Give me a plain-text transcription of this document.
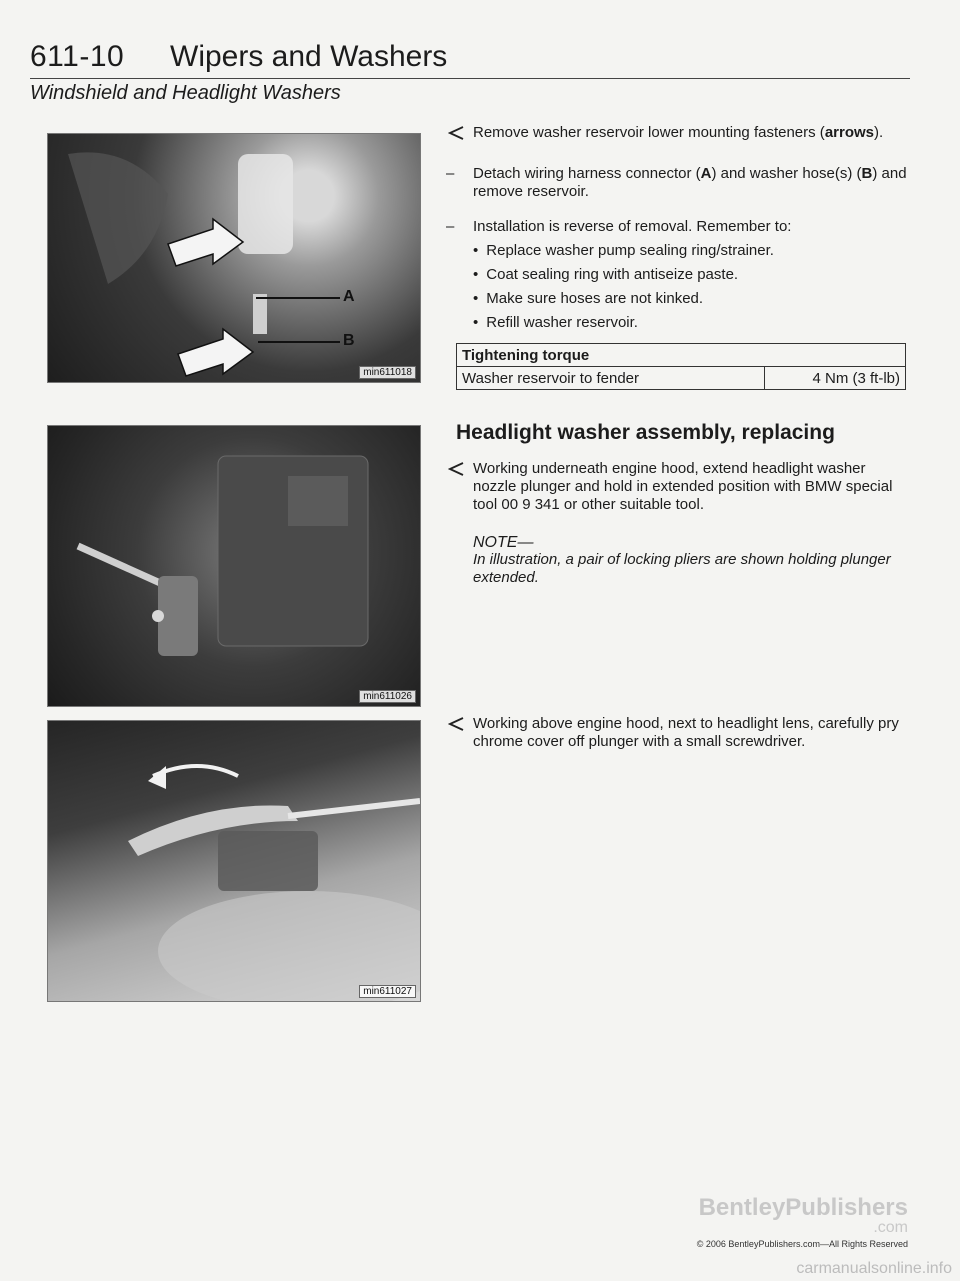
611-10 Wipers and Washers
Windshield and Headlight Washers
A
B
min611018
min611026
min611027
Remove washer reservoir lower mounting fasteners (arrows).
– Detach wiring harness connector (A) and washer hose(s) (B) and remove reservoir.
– Installation is reverse of removal. Remember to:
• Replace washer pump sealing ring/strainer.
• Coat sealing ring with antiseize paste.
• Make sure hoses are not kinked.
• Refill washer reservoir.
Tightening torque
Washer reservoir to fender	4 Nm (3 ft-lb)
Headlight washer assembly, replacing
Working underneath engine hood, extend headlight washer nozzle plunger and hold in extended position with BMW special tool 00 9 341 or other suitable tool.
NOTE—
In illustration, a pair of locking pliers are shown holding plunger extended.
Working above engine hood, next to headlight lens, carefully pry chrome cover off plunger with a small screwdriver.
BentleyPublishers
.com
© 2006 BentleyPublishers.com—All Rights Reserved
carmanualsonline.info
